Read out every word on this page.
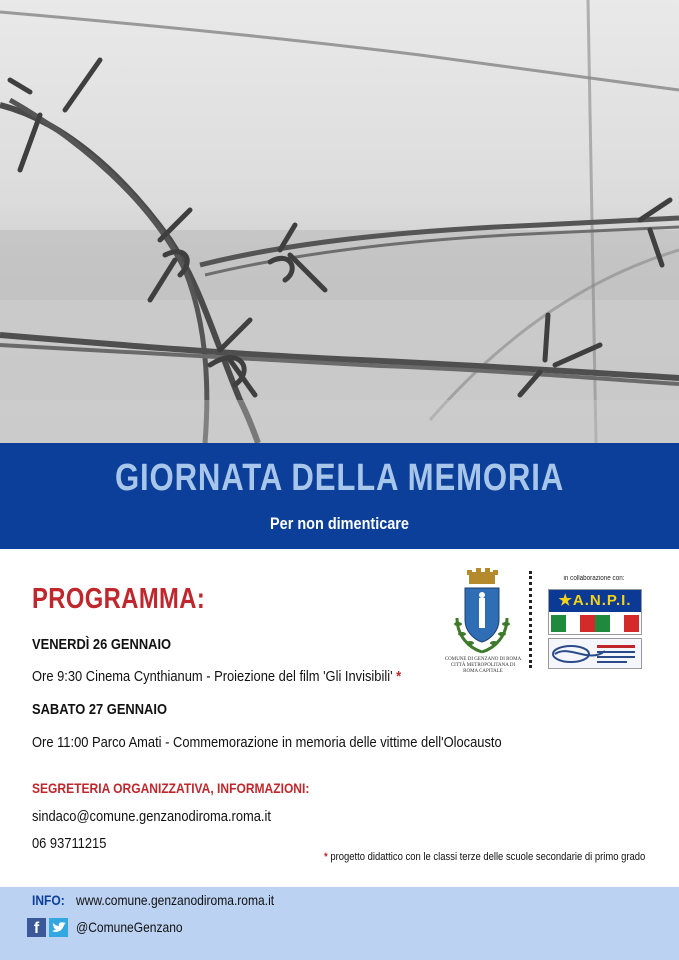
GIORNATA DELLA MEMORIA
Per non dimenticare
PROGRAMMA:
VENERDÌ 26 GENNAIO
Ore 9:30 Cinema Cynthianum - Proiezione del film 'Gli Invisibili' *
SABATO 27 GENNAIO
Ore 11:00 Parco Amati - Commemorazione in memoria delle vittime dell'Olocausto
SEGRETERIA ORGANIZZATIVA, INFORMAZIONI:
sindaco@comune.genzanodiroma.roma.it
06 93711215
* progetto didattico con le classi terze delle scuole secondarie di primo grado
COMUNE DI GENZANO DI ROMA
CITTÀ METROPOLITANA DI ROMA CAPITALE
in collaborazione con:
★A.N.P.I.
INFO: www.comune.genzanodiroma.roma.it
f	@ComuneGenzano
